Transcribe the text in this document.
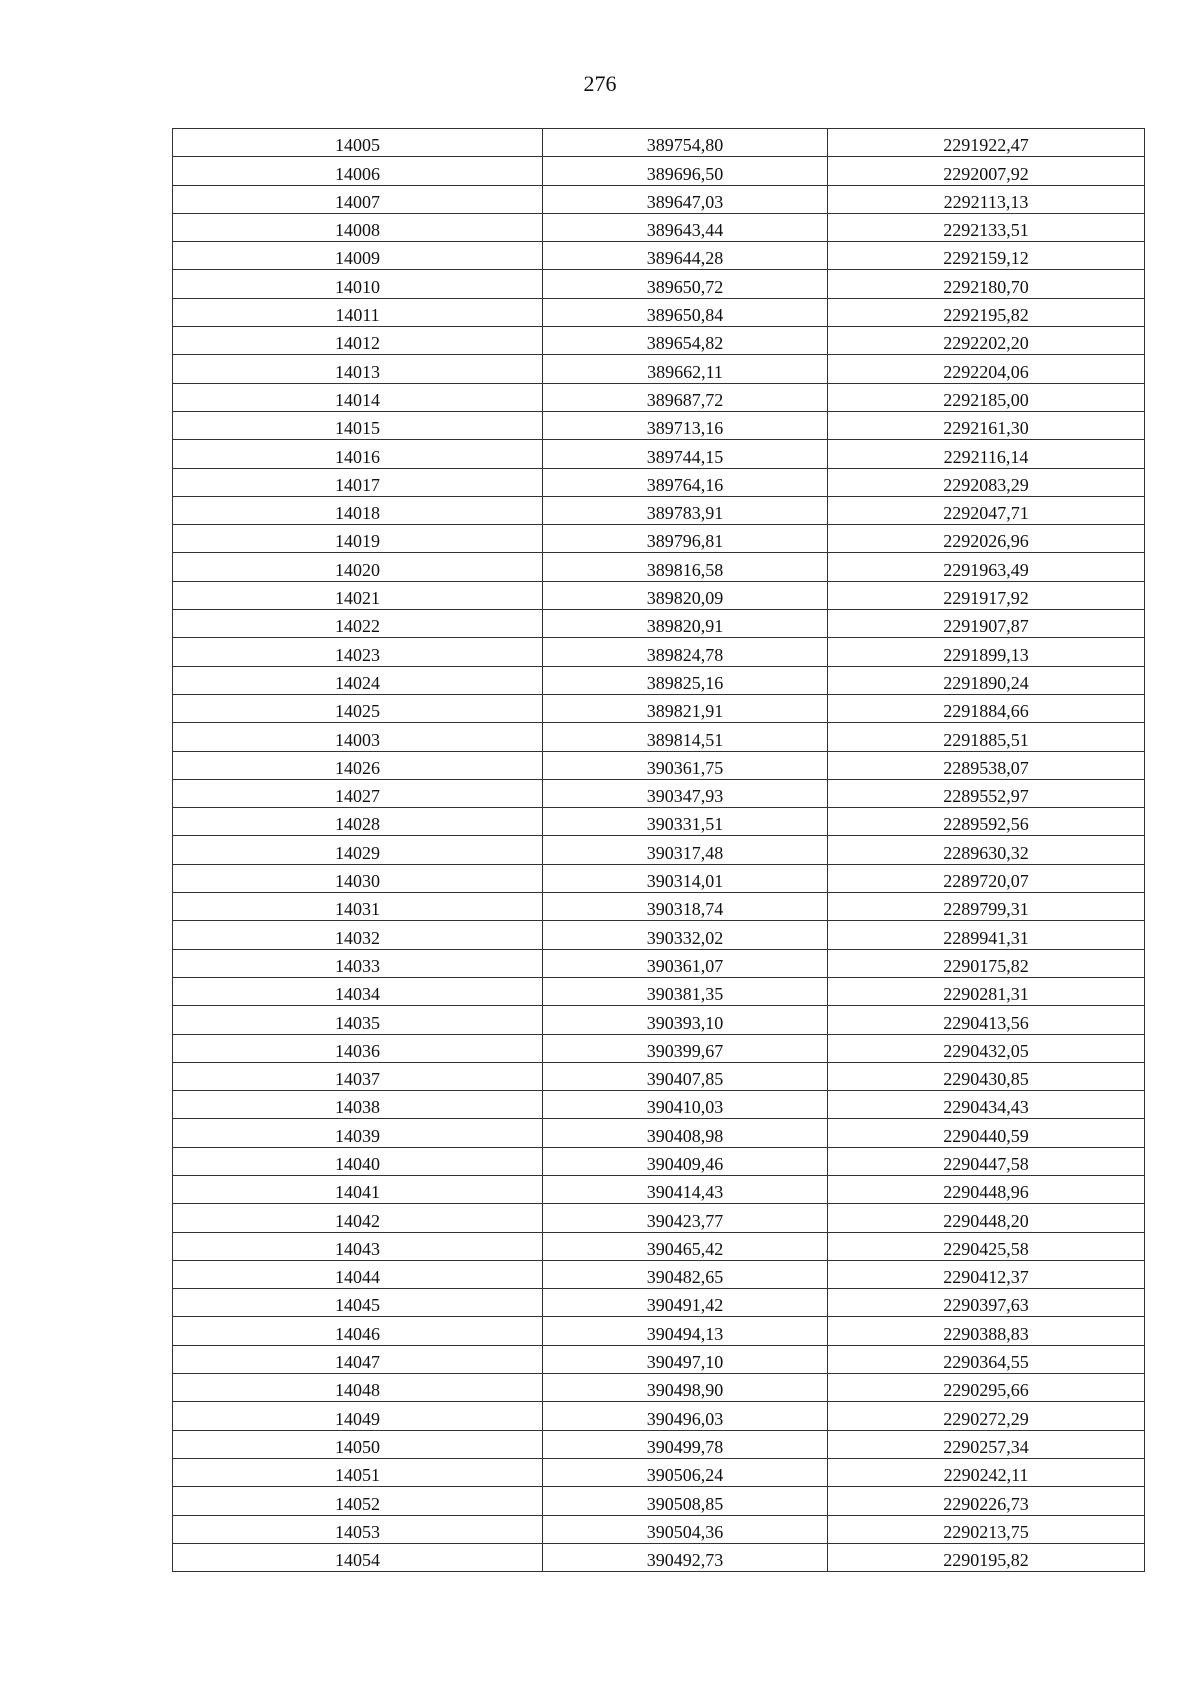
276
14005	389754,80	2291922,47
14006	389696,50	2292007,92
14007	389647,03	2292113,13
14008	389643,44	2292133,51
14009	389644,28	2292159,12
14010	389650,72	2292180,70
14011	389650,84	2292195,82
14012	389654,82	2292202,20
14013	389662,11	2292204,06
14014	389687,72	2292185,00
14015	389713,16	2292161,30
14016	389744,15	2292116,14
14017	389764,16	2292083,29
14018	389783,91	2292047,71
14019	389796,81	2292026,96
14020	389816,58	2291963,49
14021	389820,09	2291917,92
14022	389820,91	2291907,87
14023	389824,78	2291899,13
14024	389825,16	2291890,24
14025	389821,91	2291884,66
14003	389814,51	2291885,51
14026	390361,75	2289538,07
14027	390347,93	2289552,97
14028	390331,51	2289592,56
14029	390317,48	2289630,32
14030	390314,01	2289720,07
14031	390318,74	2289799,31
14032	390332,02	2289941,31
14033	390361,07	2290175,82
14034	390381,35	2290281,31
14035	390393,10	2290413,56
14036	390399,67	2290432,05
14037	390407,85	2290430,85
14038	390410,03	2290434,43
14039	390408,98	2290440,59
14040	390409,46	2290447,58
14041	390414,43	2290448,96
14042	390423,77	2290448,20
14043	390465,42	2290425,58
14044	390482,65	2290412,37
14045	390491,42	2290397,63
14046	390494,13	2290388,83
14047	390497,10	2290364,55
14048	390498,90	2290295,66
14049	390496,03	2290272,29
14050	390499,78	2290257,34
14051	390506,24	2290242,11
14052	390508,85	2290226,73
14053	390504,36	2290213,75
14054	390492,73	2290195,82
